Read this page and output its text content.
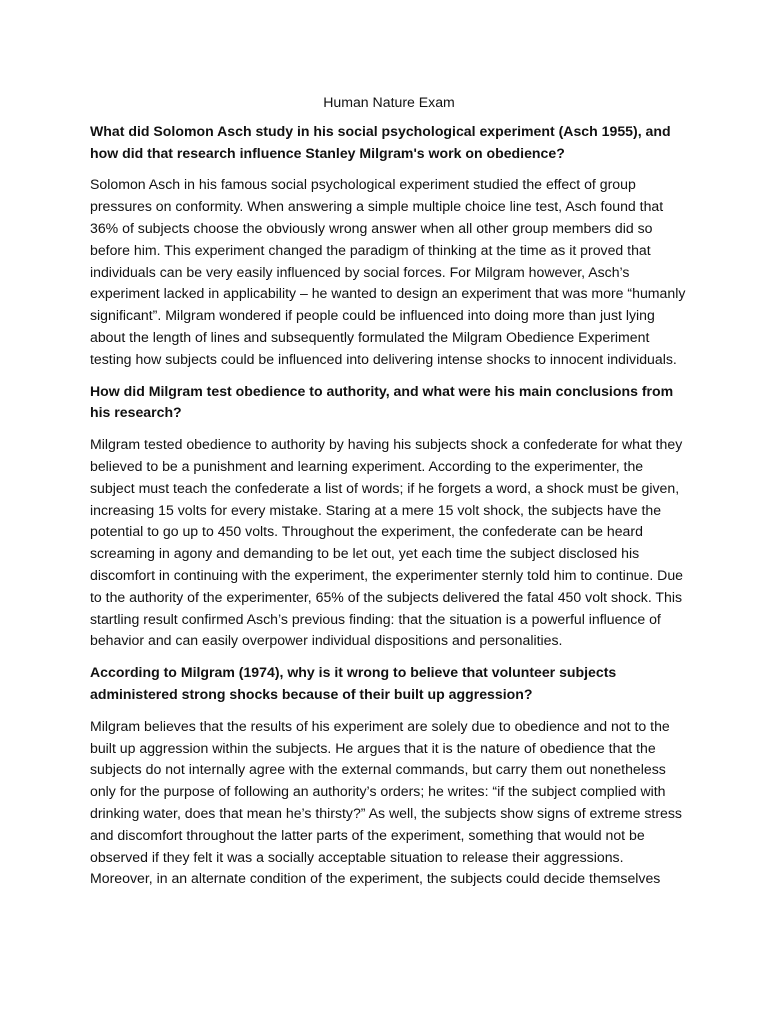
Human Nature Exam

What did Solomon Asch study in his social psychological experiment (Asch 1955), and how did that research influence Stanley Milgram's work on obedience?

Solomon Asch in his famous social psychological experiment studied the effect of group pressures on conformity. When answering a simple multiple choice line test, Asch found that 36% of subjects choose the obviously wrong answer when all other group members did so before him. This experiment changed the paradigm of thinking at the time as it proved that individuals can be very easily influenced by social forces. For Milgram however, Asch’s experiment lacked in applicability – he wanted to design an experiment that was more “humanly significant”. Milgram wondered if people could be influenced into doing more than just lying about the length of lines and subsequently formulated the Milgram Obedience Experiment testing how subjects could be influenced into delivering intense shocks to innocent individuals.

How did Milgram test obedience to authority, and what were his main conclusions from his research?

Milgram tested obedience to authority by having his subjects shock a confederate for what they believed to be a punishment and learning experiment. According to the experimenter, the subject must teach the confederate a list of words; if he forgets a word, a shock must be given, increasing 15 volts for every mistake. Staring at a mere 15 volt shock, the subjects have the potential to go up to 450 volts. Throughout the experiment, the confederate can be heard screaming in agony and demanding to be let out, yet each time the subject disclosed his discomfort in continuing with the experiment, the experimenter sternly told him to continue. Due to the authority of the experimenter, 65% of the subjects delivered the fatal 450 volt shock. This startling result confirmed Asch’s previous finding: that the situation is a powerful influence of behavior and can easily overpower individual dispositions and personalities.

According to Milgram (1974), why is it wrong to believe that volunteer subjects administered strong shocks because of their built up aggression?

Milgram believes that the results of his experiment are solely due to obedience and not to the built up aggression within the subjects. He argues that it is the nature of obedience that the subjects do not internally agree with the external commands, but carry them out nonetheless only for the purpose of following an authority’s orders; he writes: “if the subject complied with drinking water, does that mean he’s thirsty?” As well, the subjects show signs of extreme stress and discomfort throughout the latter parts of the experiment, something that would not be observed if they felt it was a socially acceptable situation to release their aggressions. Moreover, in an alternate condition of the experiment, the subjects could decide themselves
